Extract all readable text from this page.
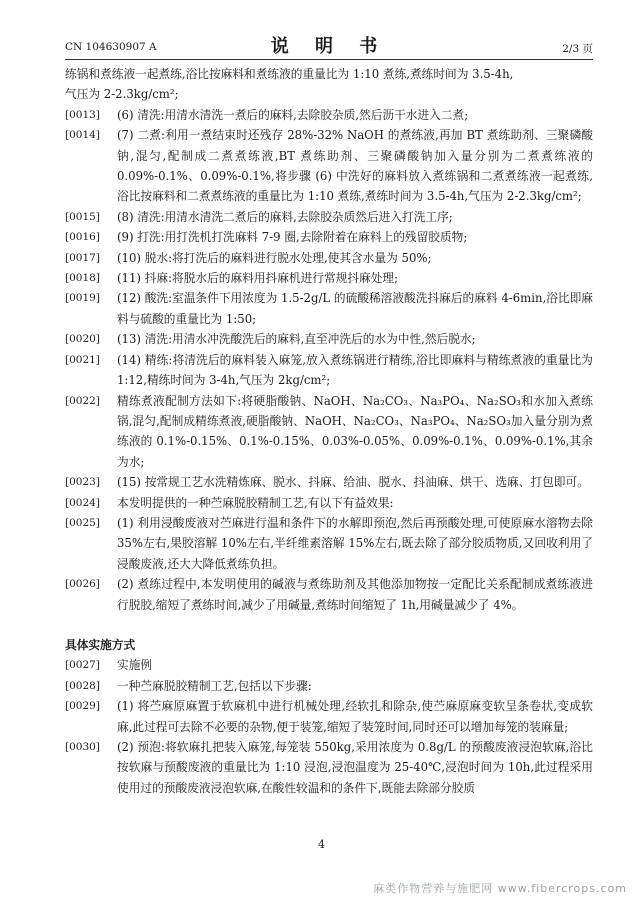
CN 104630907 A	说 明 书	2/3 页
练锅和煮练液一起煮练,浴比按麻料和煮练液的重量比为 1:10 煮练,煮练时间为 3.5-4h,
气压为 2-2.3kg/cm²;
[0013]	(6) 清洗:用清水清洗一煮后的麻料,去除胶杂质,然后沥干水进入二煮;
[0014]	(7) 二煮:利用一煮结束时还残存 28%-32% NaOH 的煮练液,再加 BT 煮练助剂、三聚磷酸钠,混匀,配制成二煮煮练液,BT 煮练助剂、三聚磷酸钠加入量分别为二煮煮练液的 0.09%-0.1%、0.09%-0.1%,将步骤 (6) 中洗好的麻料放入煮练锅和二煮煮练液一起煮练,浴比按麻料和二煮煮练液的重量比为 1:10 煮练,煮练时间为 3.5-4h,气压为 2-2.3kg/cm²;
[0015]	(8) 清洗:用清水清洗二煮后的麻料,去除胶杂质然后进入打洗工序;
[0016]	(9) 打洗:用打洗机打洗麻料 7-9 圈,去除附着在麻料上的残留胶质物;
[0017]	(10) 脱水:将打洗后的麻料进行脱水处理,使其含水量为 50%;
[0018]	(11) 抖麻:将脱水后的麻料用抖麻机进行常规抖麻处理;
[0019]	(12) 酸洗:室温条件下用浓度为 1.5-2g/L 的硫酸稀溶液酸洗抖麻后的麻料 4-6min,浴比即麻料与硫酸的重量比为 1:50;
[0020]	(13) 清洗:用清水冲洗酸洗后的麻料,直至冲洗后的水为中性,然后脱水;
[0021]	(14) 精练:将清洗后的麻料装入麻笼,放入煮练锅进行精练,浴比即麻料与精练煮液的重量比为 1:12,精练时间为 3-4h,气压为 2kg/cm²;
[0022]	精练煮液配制方法如下:将硬脂酸钠、NaOH、Na₂CO₃、Na₃PO₄、Na₂SO₃和水加入煮练锅,混匀,配制成精练煮液,硬脂酸钠、NaOH、Na₂CO₃、Na₃PO₄、Na₂SO₃加入量分别为煮练液的 0.1%-0.15%、0.1%-0.15%、0.03%-0.05%、0.09%-0.1%、0.09%-0.1%,其余为水;
[0023]	(15) 按常规工艺水洗精炼麻、脱水、抖麻、给油、脱水、抖油麻、烘干、选麻、打包即可。
[0024]	本发明提供的一种苎麻脱胶精制工艺,有以下有益效果:
[0025]	(1) 利用浸酸废液对苎麻进行温和条件下的水解即预泡,然后再预酸处理,可使原麻水溶物去除 35%左右,果胶溶解 10%左右,半纤维素溶解 15%左右,既去除了部分胶质物质,又回收利用了浸酸废液,还大大降低煮练负担。
[0026]	(2) 煮练过程中,本发明使用的碱液与煮练助剂及其他添加物按一定配比关系配制成煮练液进行脱胶,缩短了煮练时间,减少了用碱量,煮练时间缩短了 1h,用碱量减少了 4%。
具体实施方式
[0027]	实施例
[0028]	一种苎麻脱胶精制工艺,包括以下步骤:
[0029]	(1) 将苎麻原麻置于软麻机中进行机械处理,经软扎和除杂,使苎麻原麻变软呈条卷状,变成软麻,此过程可去除不必要的杂物,便于装笼,缩短了装笼时间,同时还可以增加每笼的装麻量;
[0030]	(2) 预泡:将软麻扎把装入麻笼,每笼装 550kg,采用浓度为 0.8g/L 的预酸废液浸泡软麻,浴比按软麻与预酸废液的重量比为 1:10 浸泡,浸泡温度为 25-40℃,浸泡时间为 10h,此过程采用使用过的预酸废液浸泡软麻,在酸性较温和的条件下,既能去除部分胶质
4
麻类作物营养与施肥网 www.fibercrops.com
